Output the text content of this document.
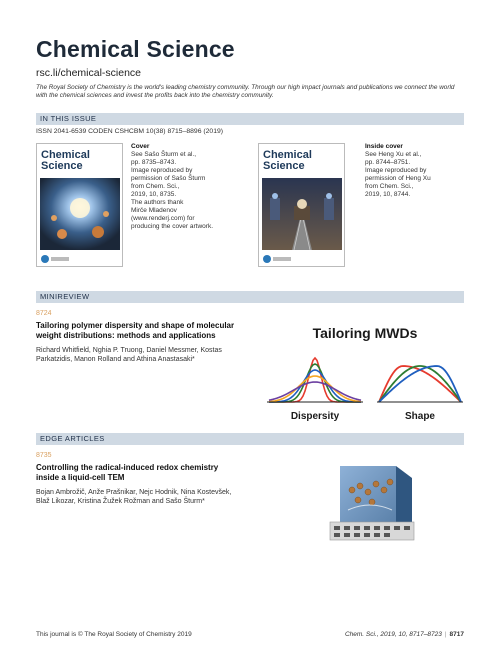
Chemical Science
rsc.li/chemical-science
The Royal Society of Chemistry is the world's leading chemistry community. Through our high impact journals and publications we connect the world with the chemical sciences and invest the profits back into the chemistry community.
IN THIS ISSUE
ISSN 2041-6539 CODEN CSHCBM 10(38) 8715–8896 (2019)
Chemical
Science
Cover
See Sašo Šturm et al.,
pp. 8735–8743.
Image reproduced by
permission of Sašo Šturm
from Chem. Sci.,
2019, 10, 8735.
The authors thank
Mirče Mladenov
(www.renderj.com) for
producing the cover artwork.
Chemical
Science
Inside cover
See Heng Xu et al.,
pp. 8744–8751.
Image reproduced by
permission of Heng Xu
from Chem. Sci.,
2019, 10, 8744.
MINIREVIEW
8724
Tailoring polymer dispersity and shape of molecular weight distributions: methods and applications
Richard Whitfield, Nghia P. Truong, Daniel Messmer, Kostas Parkatzidis, Manon Rolland and Athina Anastasaki*
Tailoring MWDs
Dispersity	Shape
EDGE ARTICLES
8735
Controlling the radical-induced redox chemistry inside a liquid-cell TEM
Bojan Ambrožič, Anže Prašnikar, Nejc Hodnik, Nina Kostevšek, Blaž Likozar, Kristina Žužek Rožman and Sašo Šturm*
This journal is © The Royal Society of Chemistry 2019	Chem. Sci., 2019, 10, 8717–8723 | 8717
